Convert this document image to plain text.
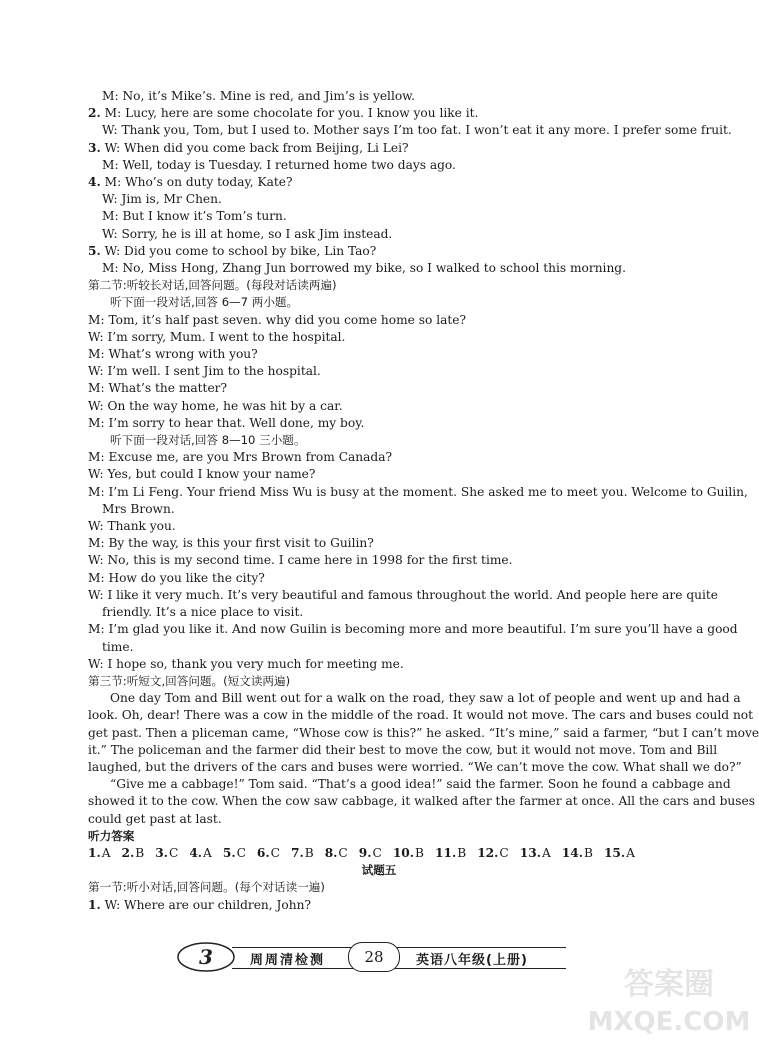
M: No, it’s Mike’s. Mine is red, and Jim’s is yellow.
2. M: Lucy, here are some chocolate for you. I know you like it.
W: Thank you, Tom, but I used to. Mother says I’m too fat. I won’t eat it any more. I prefer some fruit.
3. W: When did you come back from Beijing, Li Lei?
M: Well, today is Tuesday. I returned home two days ago.
4. M: Who’s on duty today, Kate?
W: Jim is, Mr Chen.
M: But I know it’s Tom’s turn.
W: Sorry, he is ill at home, so I ask Jim instead.
5. W: Did you come to school by bike, Lin Tao?
M: No, Miss Hong, Zhang Jun borrowed my bike, so I walked to school this morning.
第二节:听较长对话,回答问题。(每段对话读两遍)
听下面一段对话,回答 6—7 两小题。
M: Tom, it’s half past seven. why did you come home so late?
W: I’m sorry, Mum. I went to the hospital.
M: What’s wrong with you?
W: I’m well. I sent Jim to the hospital.
M: What’s the matter?
W: On the way home, he was hit by a car.
M: I’m sorry to hear that. Well done, my boy.
听下面一段对话,回答 8—10 三小题。
M: Excuse me, are you Mrs Brown from Canada?
W: Yes, but could I know your name?
M: I’m Li Feng. Your friend Miss Wu is busy at the moment. She asked me to meet you. Welcome to Guilin,
Mrs Brown.
W: Thank you.
M: By the way, is this your first visit to Guilin?
W: No, this is my second time. I came here in 1998 for the first time.
M: How do you like the city?
W: I like it very much. It’s very beautiful and famous throughout the world. And people here are quite
friendly. It’s a nice place to visit.
M: I’m glad you like it. And now Guilin is becoming more and more beautiful. I’m sure you’ll have a good
time.
W: I hope so, thank you very much for meeting me.
第三节:听短文,回答问题。(短文读两遍)
One day Tom and Bill went out for a walk on the road, they saw a lot of people and went up and had a
look. Oh, dear! There was a cow in the middle of the road. It would not move. The cars and buses could not
get past. Then a pliceman came, “Whose cow is this?” he asked. “It’s mine,” said a farmer, “but I can’t move
it.” The policeman and the farmer did their best to move the cow, but it would not move. Tom and Bill
laughed, but the drivers of the cars and buses were worried. “We can’t move the cow. What shall we do?”
“Give me a cabbage!” Tom said. “That’s a good idea!” said the farmer. Soon he found a cabbage and
showed it to the cow. When the cow saw cabbage, it walked after the farmer at once. All the cars and buses
could get past at last.
听力答案
1.A 2.B 3.C 4.A 5.C 6.C 7.B 8.C 9.C 10.B 11.B 12.C 13.A 14.B 15.A
试题五
第一节:听小对话,回答问题。(每个对话读一遍)
1. W: Where are our children, John?
3	周周清检测	28	英语八年级(上册)
答案圈
MXQE.COM
